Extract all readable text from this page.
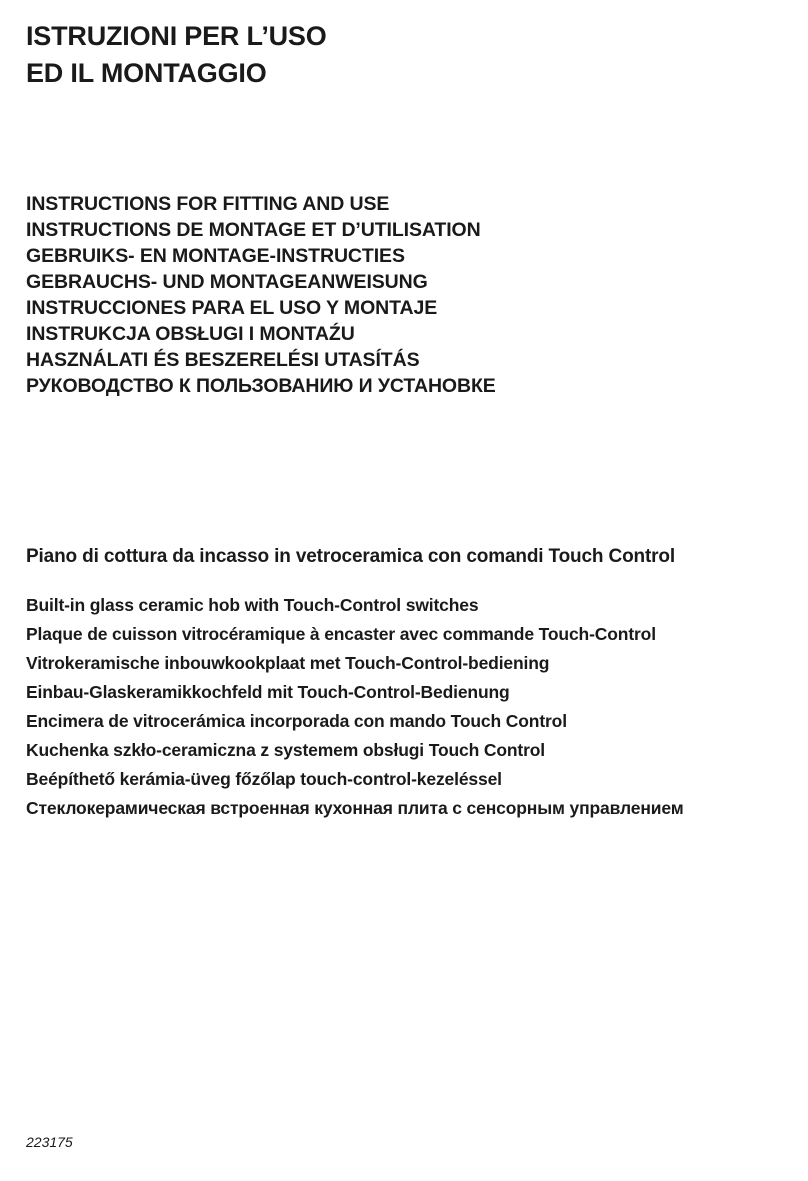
ISTRUZIONI PER L’USO
ED IL MONTAGGIO
INSTRUCTIONS FOR FITTING AND USE
INSTRUCTIONS DE MONTAGE ET D’UTILISATION
GEBRUIKS- EN MONTAGE-INSTRUCTIES
GEBRAUCHS- UND MONTAGEANWEISUNG
INSTRUCCIONES PARA EL USO Y MONTAJE
INSTRUKCJA OBSŁUGI I MONTAŹU
HASZNÁLATI ÉS BESZERELÉSI UTASÍTÁS
РУКОВОДСТВО К ПОЛЬЗОВАНИЮ И УСТАНОВКЕ

Piano di cottura da incasso in vetroceramica con comandi Touch Control

Built-in glass ceramic hob with Touch-Control switches
Plaque de cuisson vitrocéramique à encaster avec commande Touch-Control
Vitrokeramische inbouwkookplaat met Touch-Control-bediening
Einbau-Glaskeramikkochfeld mit Touch-Control-Bedienung
Encimera de vitrocerámica incorporada con mando Touch Control
Kuchenka szkło-ceramiczna z systemem obsługi Touch Control
Beépíthető kerámia-üveg főzőlap touch-control-kezeléssel
Стеклокерамическая встроенная кухонная плита с сенсорным управлением

223175
